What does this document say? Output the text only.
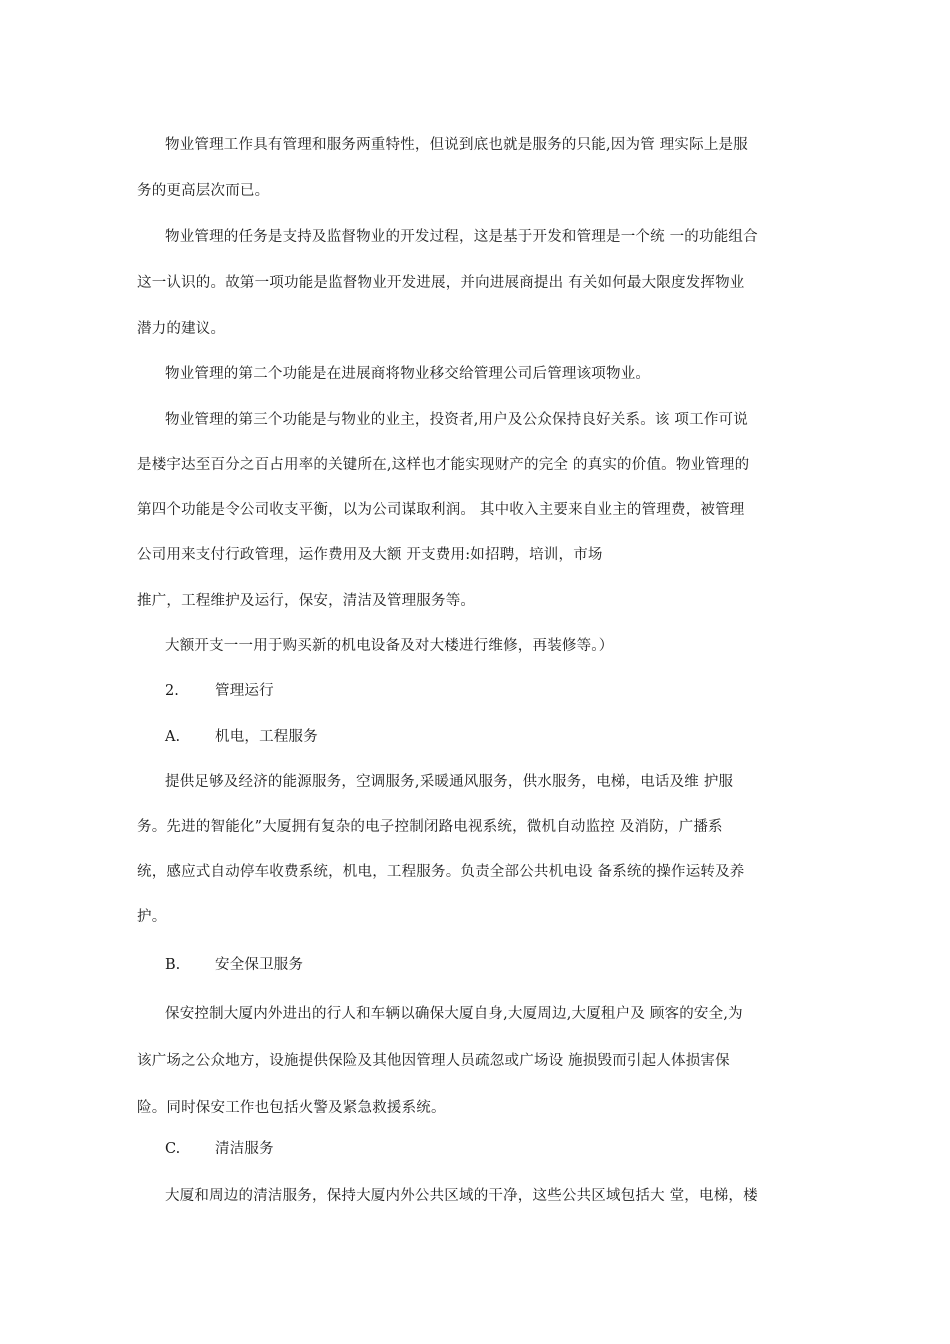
物业管理工作具有管理和服务两重特性，但说到底也就是服务的只能,因为管 理实际上是服
务的更高层次而已。
物业管理的任务是支持及监督物业的开发过程，这是基于开发和管理是一个统 一的功能组合
这一认识的。故第一项功能是监督物业开发进展，并向进展商提出 有关如何最大限度发挥物业
潜力的建议。
物业管理的第二个功能是在进展商将物业移交给管理公司后管理该项物业。
物业管理的第三个功能是与物业的业主，投资者,用户及公众保持良好关系。该 项工作可说
是楼宇达至百分之百占用率的关键所在,这样也才能实现财产的完全 的真实的价值。物业管理的
第四个功能是令公司收支平衡，以为公司谋取利润。 其中收入主要来自业主的管理费，被管理
公司用来支付行政管理，运作费用及大额 开支费用:如招聘，培训，市场
推广，工程维护及运行，保安，清洁及管理服务等。
大额开支一一用于购买新的机电设备及对大楼进行维修，再装修等。）
2. 管理运行
A. 机电，工程服务
提供足够及经济的能源服务，空调服务,采暖通风服务，供水服务，电梯，电话及维 护服
务。先进的智能化”大厦拥有复杂的电子控制闭路电视系统，微机自动监控 及消防，广播系
统，感应式自动停车收费系统，机电，工程服务。负责全部公共机电设 备系统的操作运转及养
护。
B. 安全保卫服务
保安控制大厦内外进出的行人和车辆以确保大厦自身,大厦周边,大厦租户及 顾客的安全,为
该广场之公众地方，设施提供保险及其他因管理人员疏忽或广场设 施损毁而引起人体损害保
险。同时保安工作也包括火警及紧急救援系统。
C. 清洁服务
大厦和周边的清洁服务，保持大厦内外公共区域的干净，这些公共区域包括大 堂，电梯，楼
